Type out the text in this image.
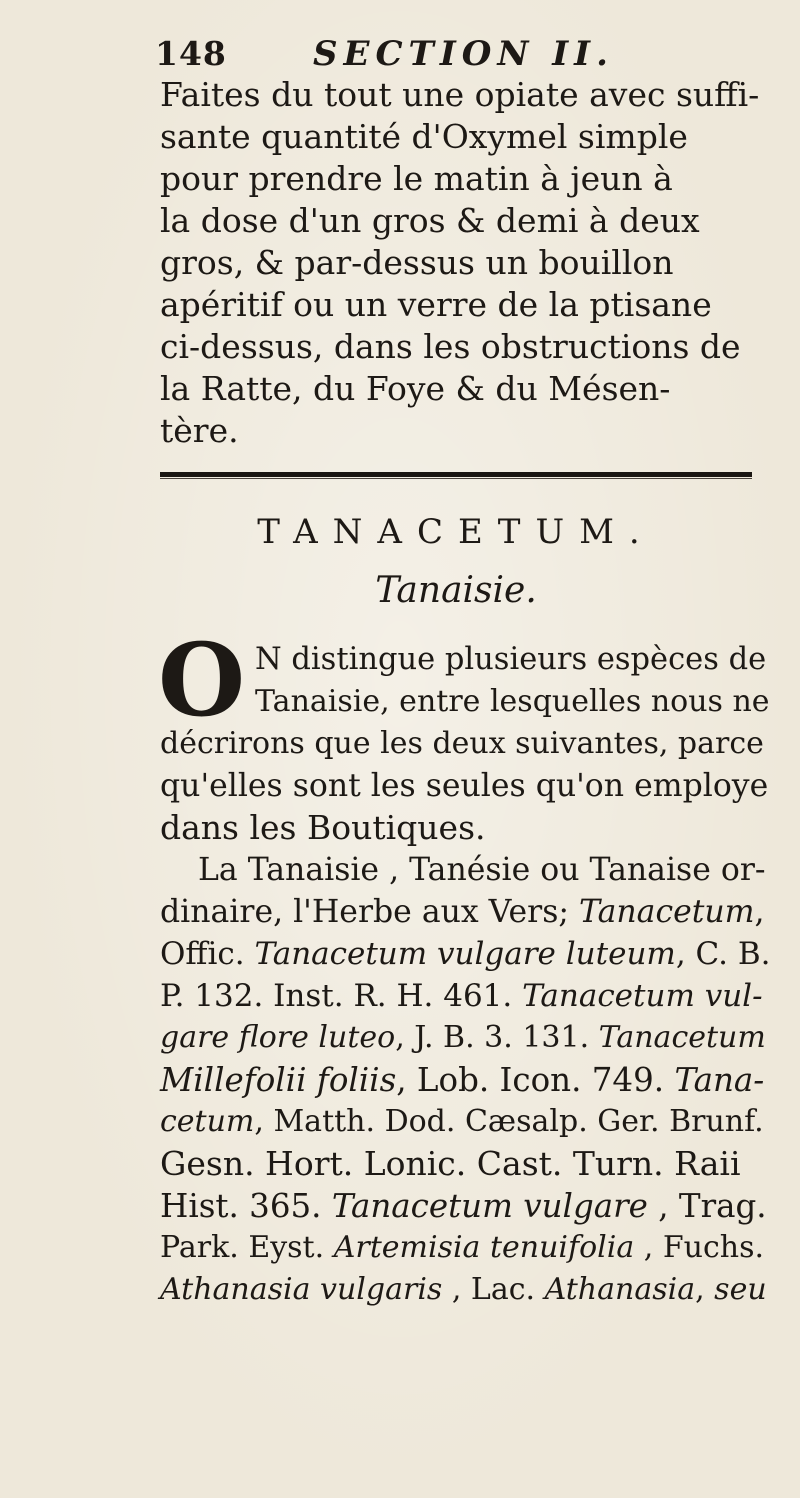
148	SECTION II.
Faites du tout une opiate avec suffi-
sante quantité d'Oxymel simple
pour prendre le matin à jeun à
la dose d'un gros & demi à deux
gros, & par-dessus un bouillon
apéritif ou un verre de la ptisane
ci-dessus, dans les obstructions de
la Ratte, du Foye & du Mésen-
tère.
TANACETUM.
Tanaisie.
O N distingue plusieurs espèces de
Tanaisie, entre lesquelles nous ne
décrirons que les deux suivantes, parce
qu'elles sont les seules qu'on employe
dans les Boutiques.
La Tanaisie , Tanésie ou Tanaise or-
dinaire, l'Herbe aux Vers; Tanacetum,
Offic. Tanacetum vulgare luteum, C. B.
P. 132. Inst. R. H. 461. Tanacetum vul-
gare flore luteo, J. B. 3. 131. Tanacetum
Millefolii foliis, Lob. Icon. 749. Tana-
cetum, Matth. Dod. Cæsalp. Ger. Brunf.
Gesn. Hort. Lonic. Cast. Turn. Raii
Hist. 365. Tanacetum vulgare , Trag.
Park. Eyst. Artemisia tenuifolia , Fuchs.
Athanasia vulgaris , Lac. Athanasia, seu
